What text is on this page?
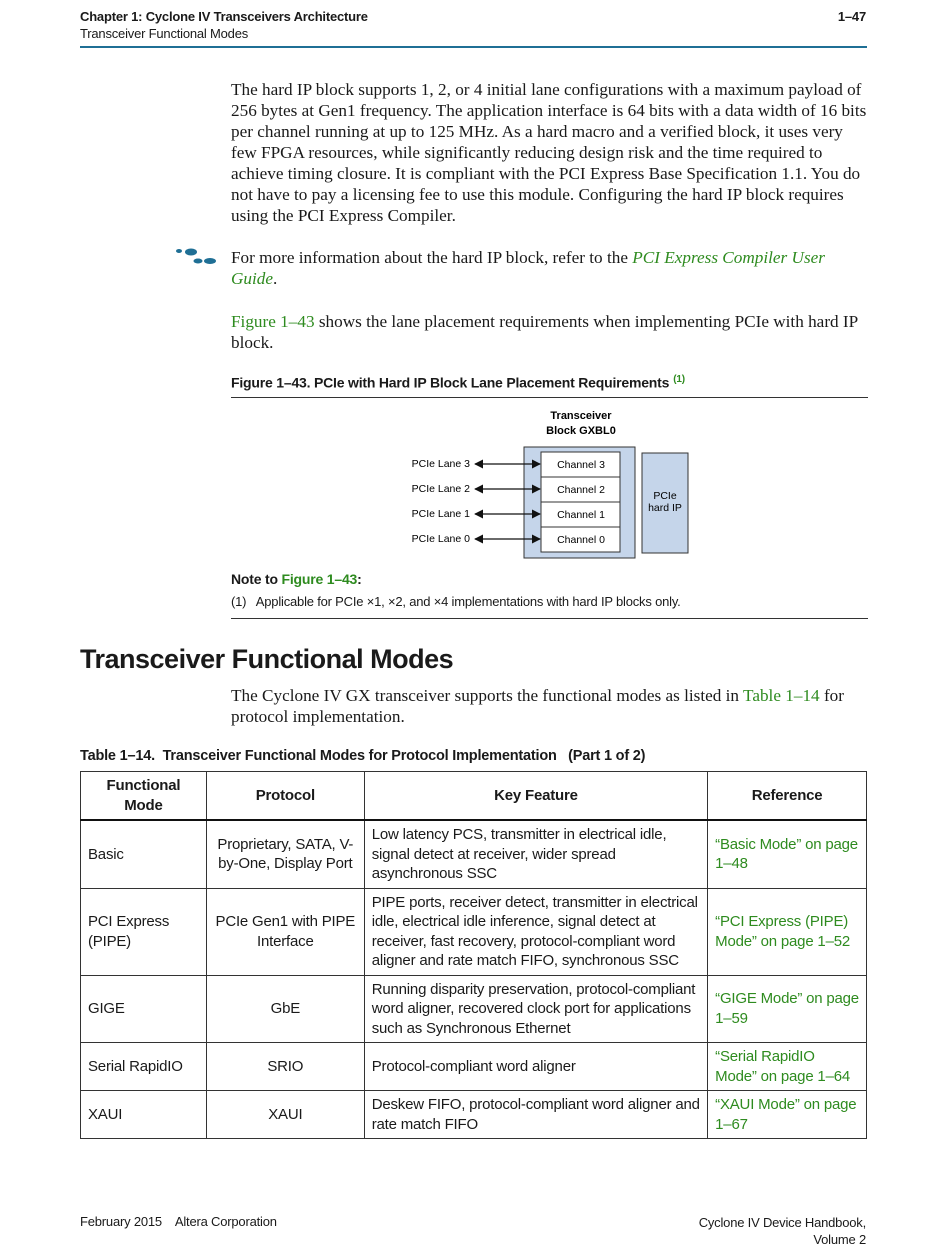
Chapter 1: Cyclone IV Transceivers Architecture
Transceiver Functional Modes
1–47
The hard IP block supports 1, 2, or 4 initial lane configurations with a maximum payload of 256 bytes at Gen1 frequency. The application interface is 64 bits with a data width of 16 bits per channel running at up to 125 MHz. As a hard macro and a verified block, it uses very few FPGA resources, while significantly reducing design risk and the time required to achieve timing closure. It is compliant with the PCI Express Base Specification 1.1. You do not have to pay a licensing fee to use this module. Configuring the hard IP block requires using the PCI Express Compiler.
For more information about the hard IP block, refer to the PCI Express Compiler User Guide.
Figure 1–43 shows the lane placement requirements when implementing PCIe with hard IP block.
Figure 1–43. PCIe with Hard IP Block Lane Placement Requirements $^{(1)}$
Transceiver
Block GXBL0
PCIe
hard IP
Channel 3
Channel 2
Channel 1
Channel 0
PCIe Lane 3
PCIe Lane 2
PCIe Lane 1
PCIe Lane 0
Note to Figure 1–43:
(1)   Applicable for PCIe ×1, ×2, and ×4 implementations with hard IP blocks only.
Transceiver Functional Modes
The Cyclone IV GX transceiver supports the functional modes as listed in Table 1–14 for protocol implementation.
Table 1–14.  Transceiver Functional Modes for Protocol Implementation   (Part 1 of 2)
Functional Mode	Protocol	Key Feature	Reference
Basic	Proprietary, SATA, V-by-One, Display Port	Low latency PCS, transmitter in electrical idle, signal detect at receiver, wider spread asynchronous SSC	“Basic Mode” on page 1–48
PCI Express (PIPE)	PCIe Gen1 with PIPE Interface	PIPE ports, receiver detect, transmitter in electrical idle, electrical idle inference, signal detect at receiver, fast recovery, protocol-compliant word aligner and rate match FIFO, synchronous SSC	“PCI Express (PIPE) Mode” on page 1–52
GIGE	GbE	Running disparity preservation, protocol-compliant word aligner, recovered clock port for applications such as Synchronous Ethernet	“GIGE Mode” on page 1–59
Serial RapidIO	SRIO	Protocol-compliant word aligner	“Serial RapidIO Mode” on page 1–64
XAUI	XAUI	Deskew FIFO, protocol-compliant word aligner and rate match FIFO	“XAUI Mode” on page 1–67
February 2015    Altera Corporation	Cyclone IV Device Handbook,
Volume 2
